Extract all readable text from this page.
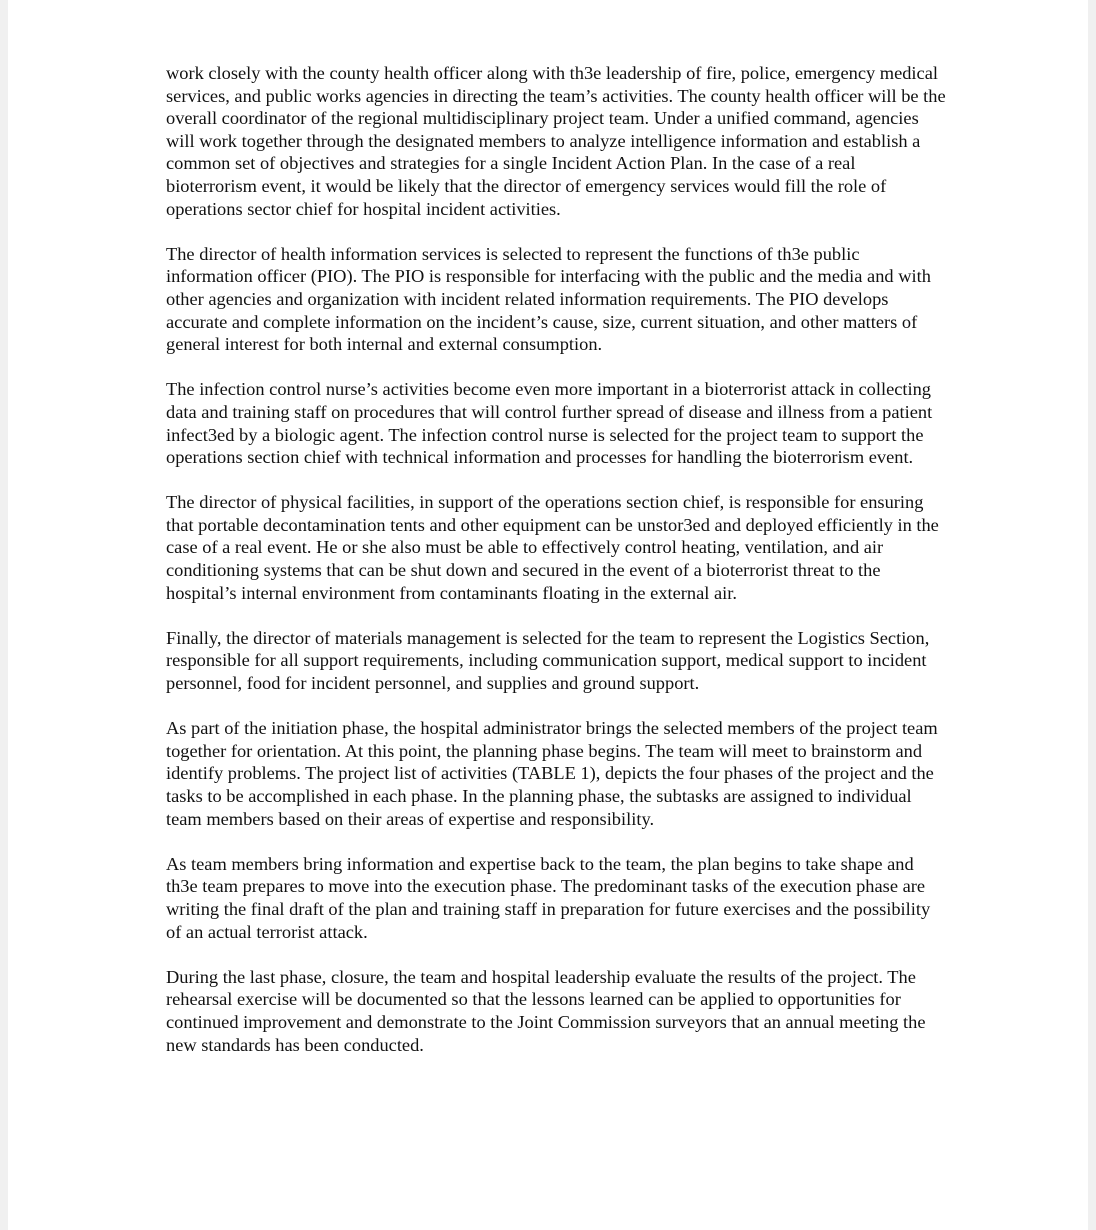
work closely with the county health officer along with th3e leadership of fire, police, emergency medical services, and public works agencies in directing the team’s activities. The county health officer will be the overall coordinator of the regional multidisciplinary project team. Under a unified command, agencies will work together through the designated members to analyze intelligence information and establish a common set of objectives and strategies for a single Incident Action Plan. In the case of a real bioterrorism event, it would be likely that the director of emergency services would fill the role of operations sector chief for hospital incident activities.

The director of health information services is selected to represent the functions of th3e public information officer (PIO). The PIO is responsible for interfacing with the public and the media and with other agencies and organization with incident related information requirements. The PIO develops accurate and complete information on the incident’s cause, size, current situation, and other matters of general interest for both internal and external consumption.

The infection control nurse’s activities become even more important in a bioterrorist attack in collecting data and training staff on procedures that will control further spread of disease and illness from a patient infect3ed by a biologic agent. The infection control nurse is selected for the project team to support the operations section chief with technical information and processes for handling the bioterrorism event.

The director of physical facilities, in support of the operations section chief, is responsible for ensuring that portable decontamination tents and other equipment can be unstor3ed and deployed efficiently in the case of a real event. He or she also must be able to effectively control heating, ventilation, and air conditioning systems that can be shut down and secured in the event of a bioterrorist threat to the hospital’s internal environment from contaminants floating in the external air.

Finally, the director of materials management is selected for the team to represent the Logistics Section, responsible for all support requirements, including communication support, medical support to incident personnel, food for incident personnel, and supplies and ground support.

As part of the initiation phase, the hospital administrator brings the selected members of the project team together for orientation. At this point, the planning phase begins. The team will meet to brainstorm and identify problems. The project list of activities (TABLE 1), depicts the four phases of the project and the tasks to be accomplished in each phase. In the planning phase, the subtasks are assigned to individual team members based on their areas of expertise and responsibility.

As team members bring information and expertise back to the team, the plan begins to take shape and th3e team prepares to move into the execution phase. The predominant tasks of the execution phase are writing the final draft of the plan and training staff in preparation for future exercises and the possibility of an actual terrorist attack.

During the last phase, closure, the team and hospital leadership evaluate the results of the project. The rehearsal exercise will be documented so that the lessons learned can be applied to opportunities for continued improvement and demonstrate to the Joint Commission surveyors that an annual meeting the new standards has been conducted.
